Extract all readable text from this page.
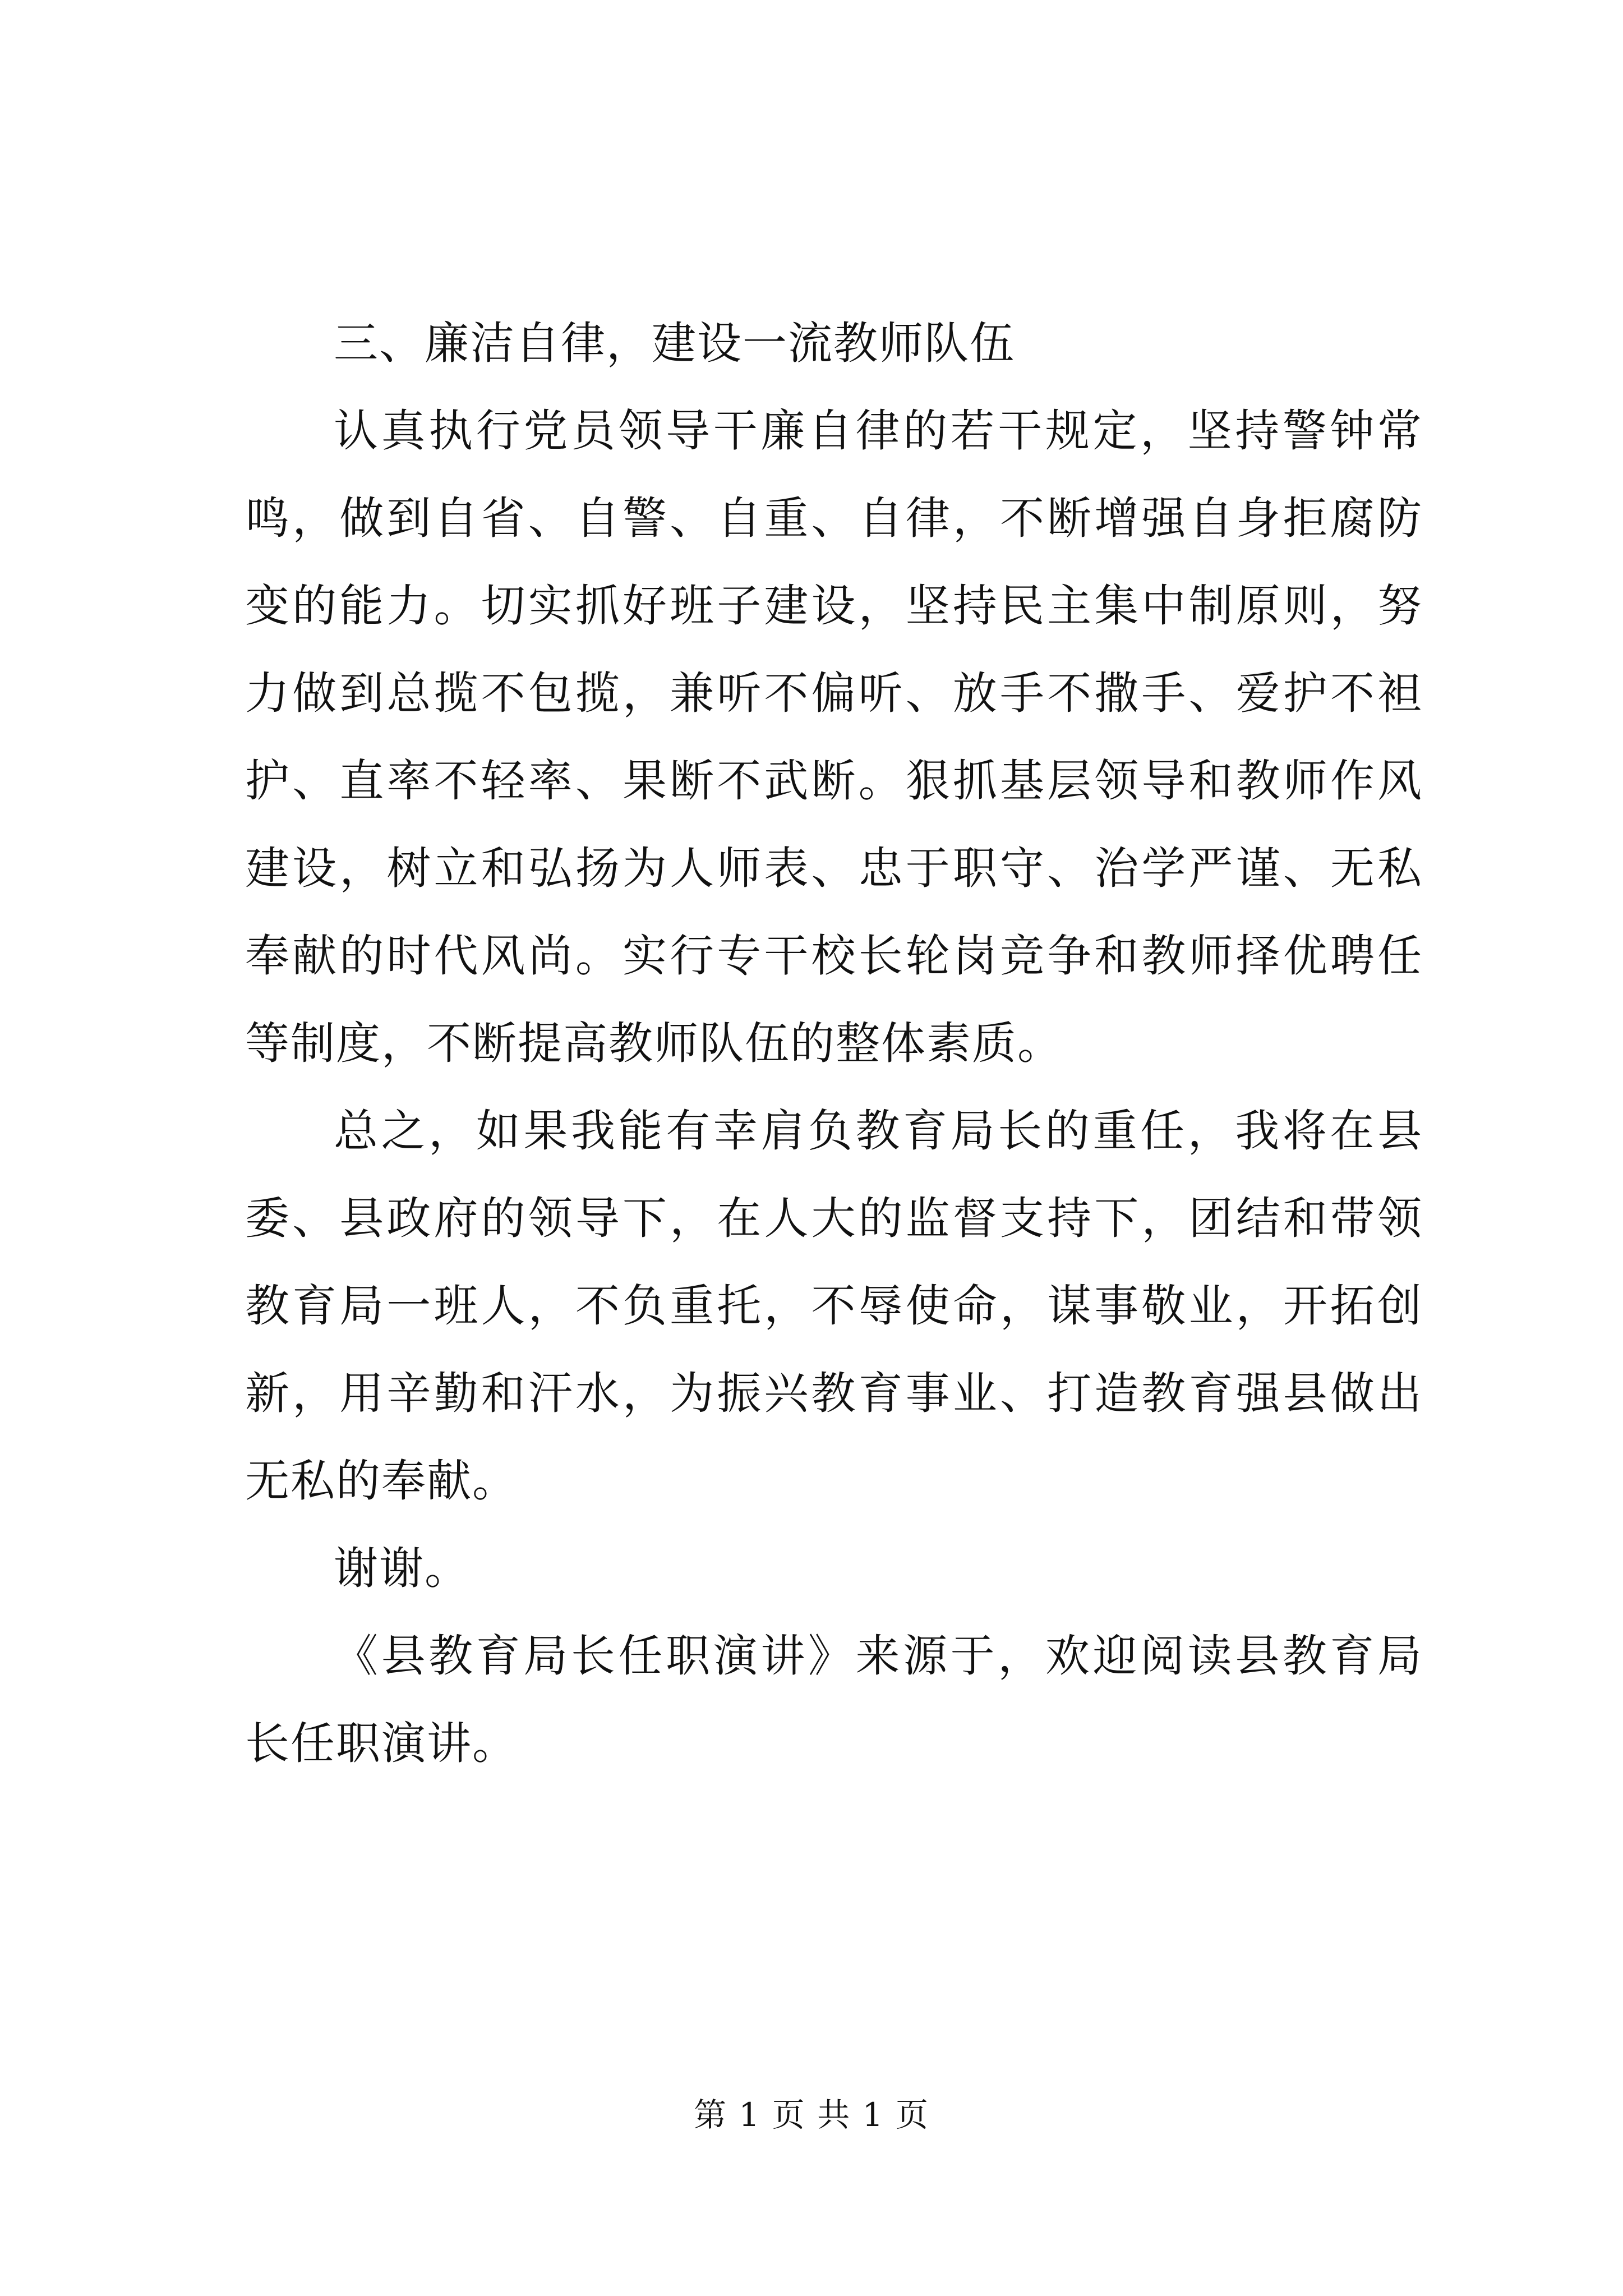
三、廉洁自律，建设一流教师队伍

认真执行党员领导干廉自律的若干规定，坚持警钟常鸣，做到自省、自警、自重、自律，不断增强自身拒腐防变的能力。切实抓好班子建设，坚持民主集中制原则，努力做到总揽不包揽，兼听不偏听、放手不撒手、爱护不袒护、直率不轻率、果断不武断。狠抓基层领导和教师作风建设，树立和弘扬为人师表、忠于职守、治学严谨、无私奉献的时代风尚。实行专干校长轮岗竞争和教师择优聘任等制度，不断提高教师队伍的整体素质。

总之，如果我能有幸肩负教育局长的重任，我将在县委、县政府的领导下，在人大的监督支持下，团结和带领教育局一班人，不负重托，不辱使命，谋事敬业，开拓创新，用辛勤和汗水，为振兴教育事业、打造教育强县做出无私的奉献。

谢谢。

《县教育局长任职演讲》来源于，欢迎阅读县教育局长任职演讲。

第 1 页 共 1 页
